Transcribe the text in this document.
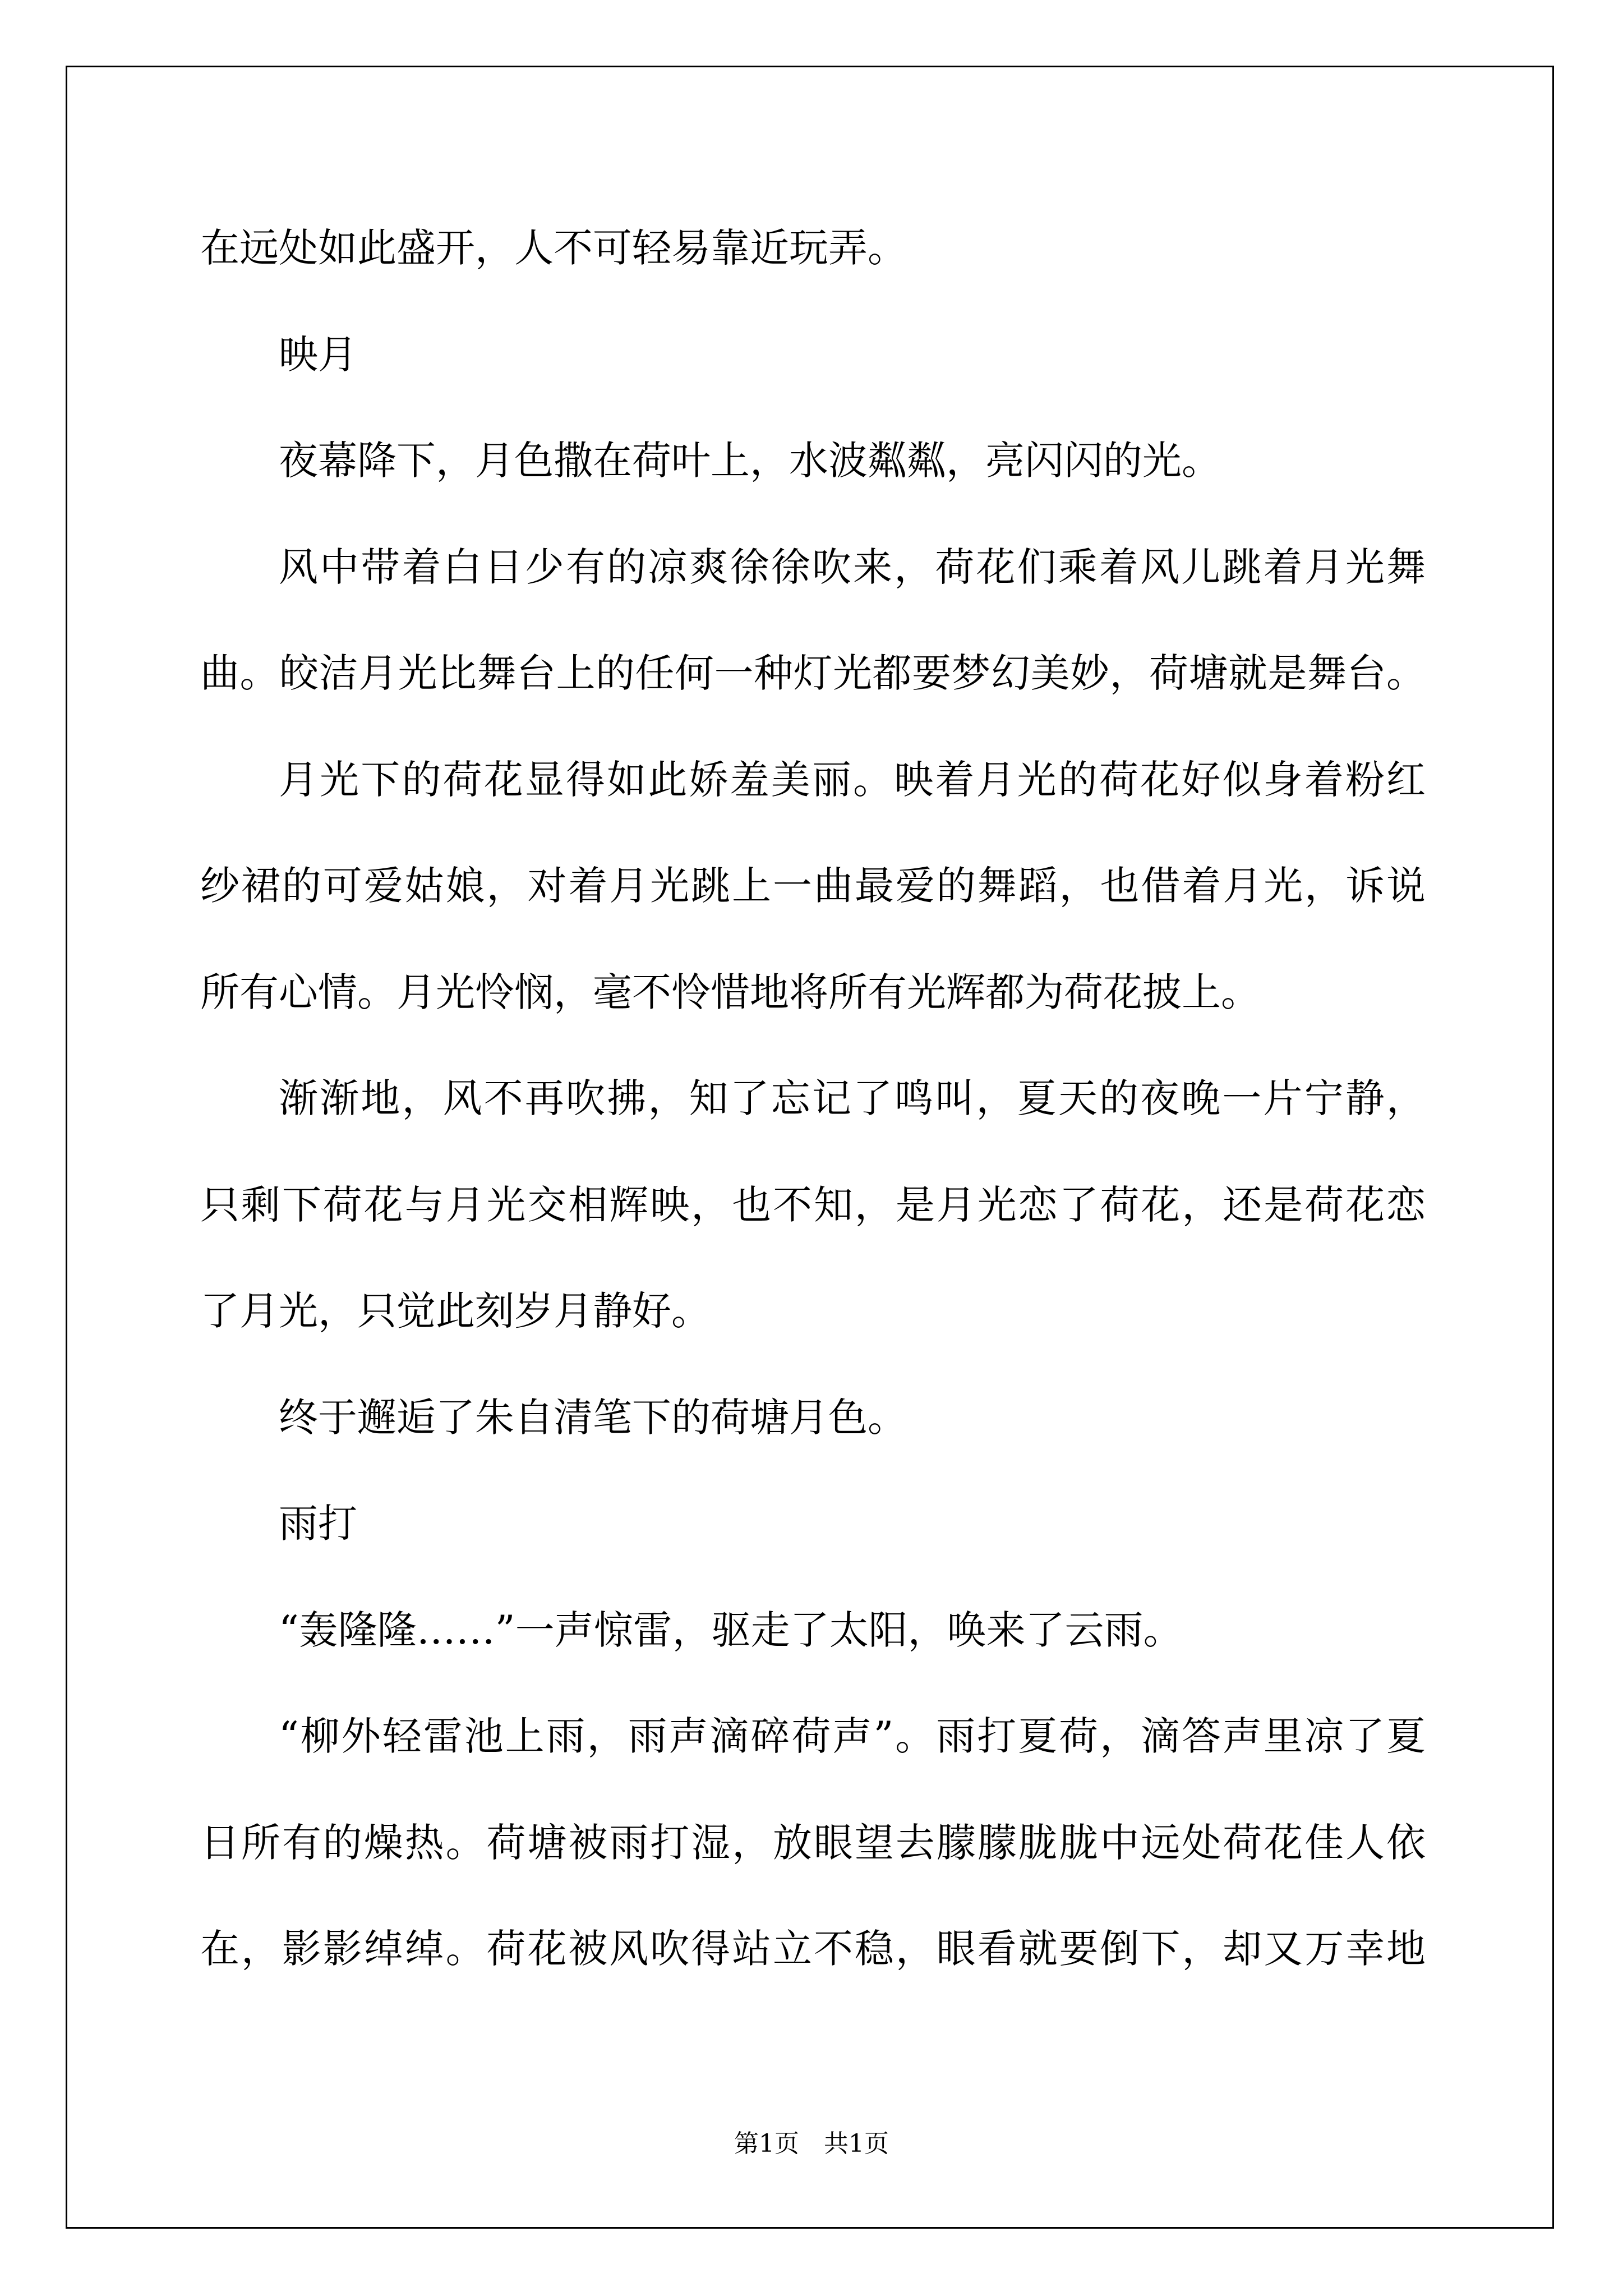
在远处如此盛开，人不可轻易靠近玩弄。

映月

夜幕降下，月色撒在荷叶上，水波粼粼，亮闪闪的光。

风中带着白日少有的凉爽徐徐吹来，荷花们乘着风儿跳着月光舞

曲。皎洁月光比舞台上的任何一种灯光都要梦幻美妙，荷塘就是舞台。

月光下的荷花显得如此娇羞美丽。映着月光的荷花好似身着粉红

纱裙的可爱姑娘，对着月光跳上一曲最爱的舞蹈，也借着月光，诉说

所有心情。月光怜悯，毫不怜惜地将所有光辉都为荷花披上。

渐渐地，风不再吹拂，知了忘记了鸣叫，夏天的夜晚一片宁静，

只剩下荷花与月光交相辉映，也不知，是月光恋了荷花，还是荷花恋

了月光，只觉此刻岁月静好。

终于邂逅了朱自清笔下的荷塘月色。

雨打

“轰隆隆……”一声惊雷，驱走了太阳，唤来了云雨。

“柳外轻雷池上雨，雨声滴碎荷声”。雨打夏荷，滴答声里凉了夏

日所有的燥热。荷塘被雨打湿，放眼望去朦朦胧胧中远处荷花佳人依

在，影影绰绰。荷花被风吹得站立不稳，眼看就要倒下，却又万幸地

第1页　共1页
